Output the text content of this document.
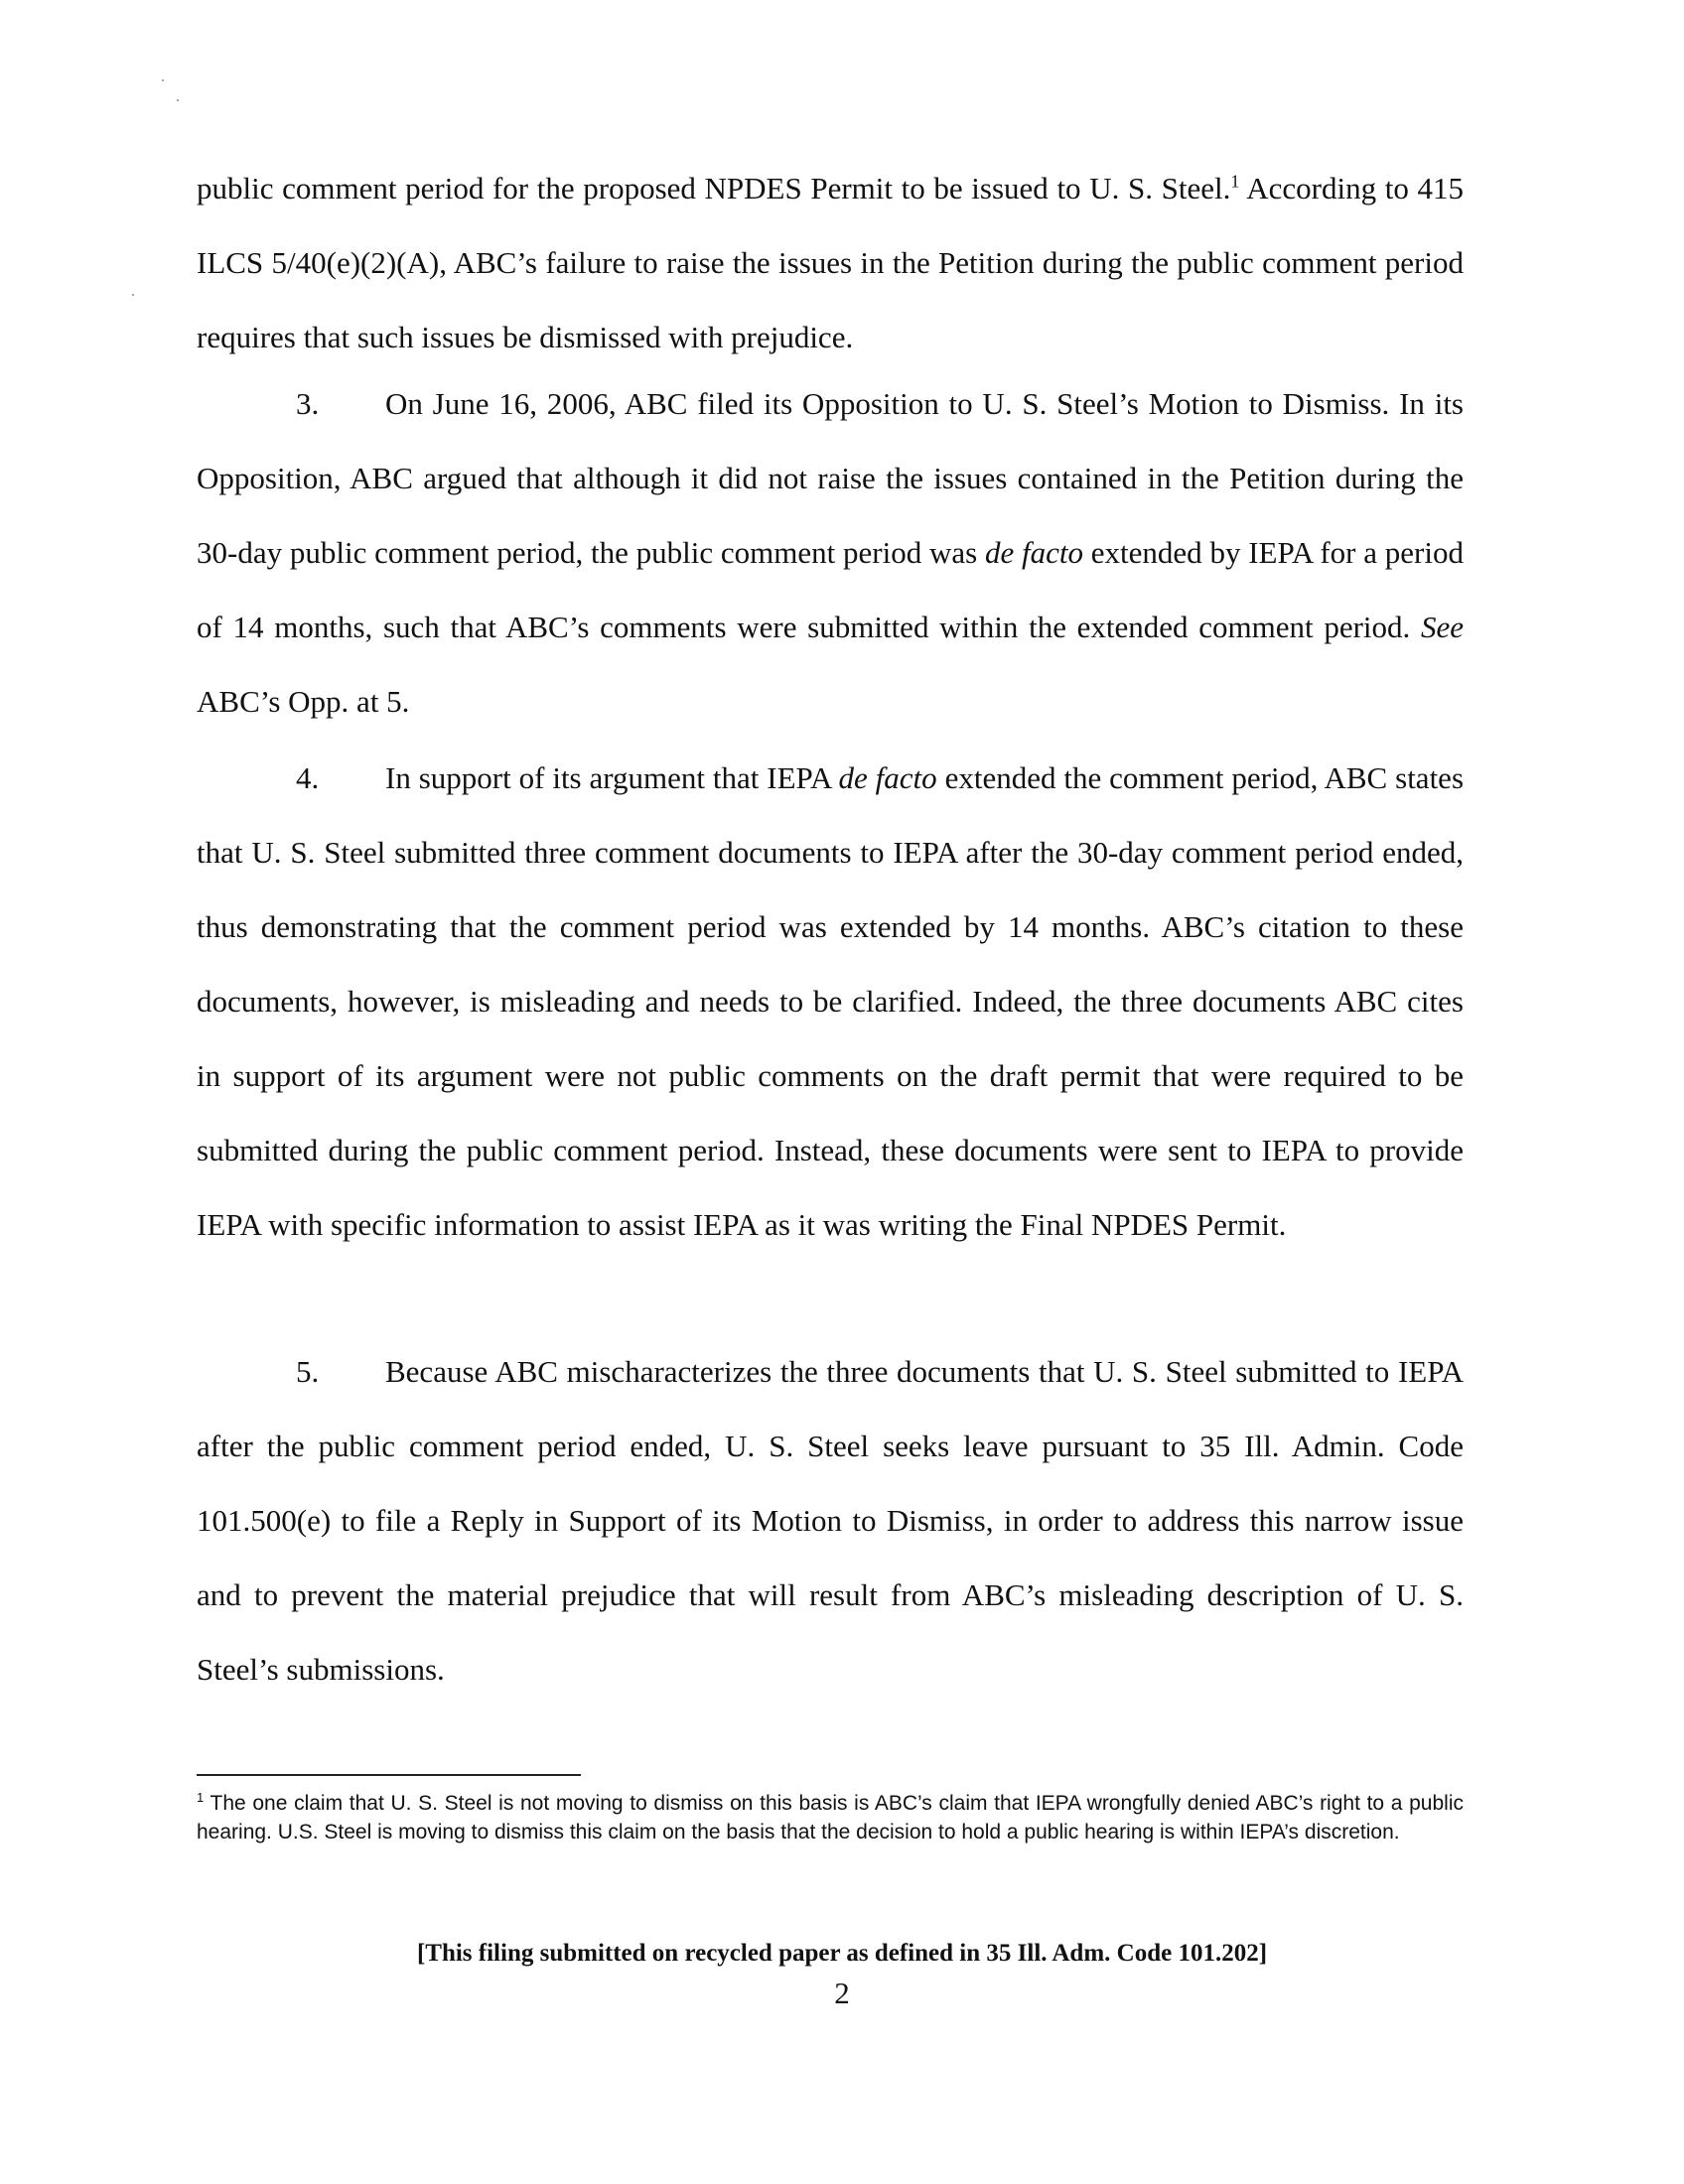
public comment period for the proposed NPDES Permit to be issued to U. S. Steel.$^1$ According to 415 ILCS 5/40(e)(2)(A), ABC’s failure to raise the issues in the Petition during the public comment period requires that such issues be dismissed with prejudice.

3. On June 16, 2006, ABC filed its Opposition to U. S. Steel’s Motion to Dismiss. In its Opposition, ABC argued that although it did not raise the issues contained in the Petition during the 30-day public comment period, the public comment period was de facto extended by IEPA for a period of 14 months, such that ABC’s comments were submitted within the extended comment period. See ABC’s Opp. at 5.

4. In support of its argument that IEPA de facto extended the comment period, ABC states that U. S. Steel submitted three comment documents to IEPA after the 30-day comment period ended, thus demonstrating that the comment period was extended by 14 months. ABC’s citation to these documents, however, is misleading and needs to be clarified. Indeed, the three documents ABC cites in support of its argument were not public comments on the draft permit that were required to be submitted during the public comment period. Instead, these documents were sent to IEPA to provide IEPA with specific information to assist IEPA as it was writing the Final NPDES Permit.

5. Because ABC mischaracterizes the three documents that U. S. Steel submitted to IEPA after the public comment period ended, U. S. Steel seeks leave pursuant to 35 Ill. Admin. Code 101.500(e) to file a Reply in Support of its Motion to Dismiss, in order to address this narrow issue and to prevent the material prejudice that will result from ABC’s misleading description of U. S. Steel’s submissions.

$^1$ The one claim that U. S. Steel is not moving to dismiss on this basis is ABC’s claim that IEPA wrongfully denied ABC’s right to a public hearing. U.S. Steel is moving to dismiss this claim on the basis that the decision to hold a public hearing is within IEPA’s discretion.

[This filing submitted on recycled paper as defined in 35 Ill. Adm. Code 101.202]

2
